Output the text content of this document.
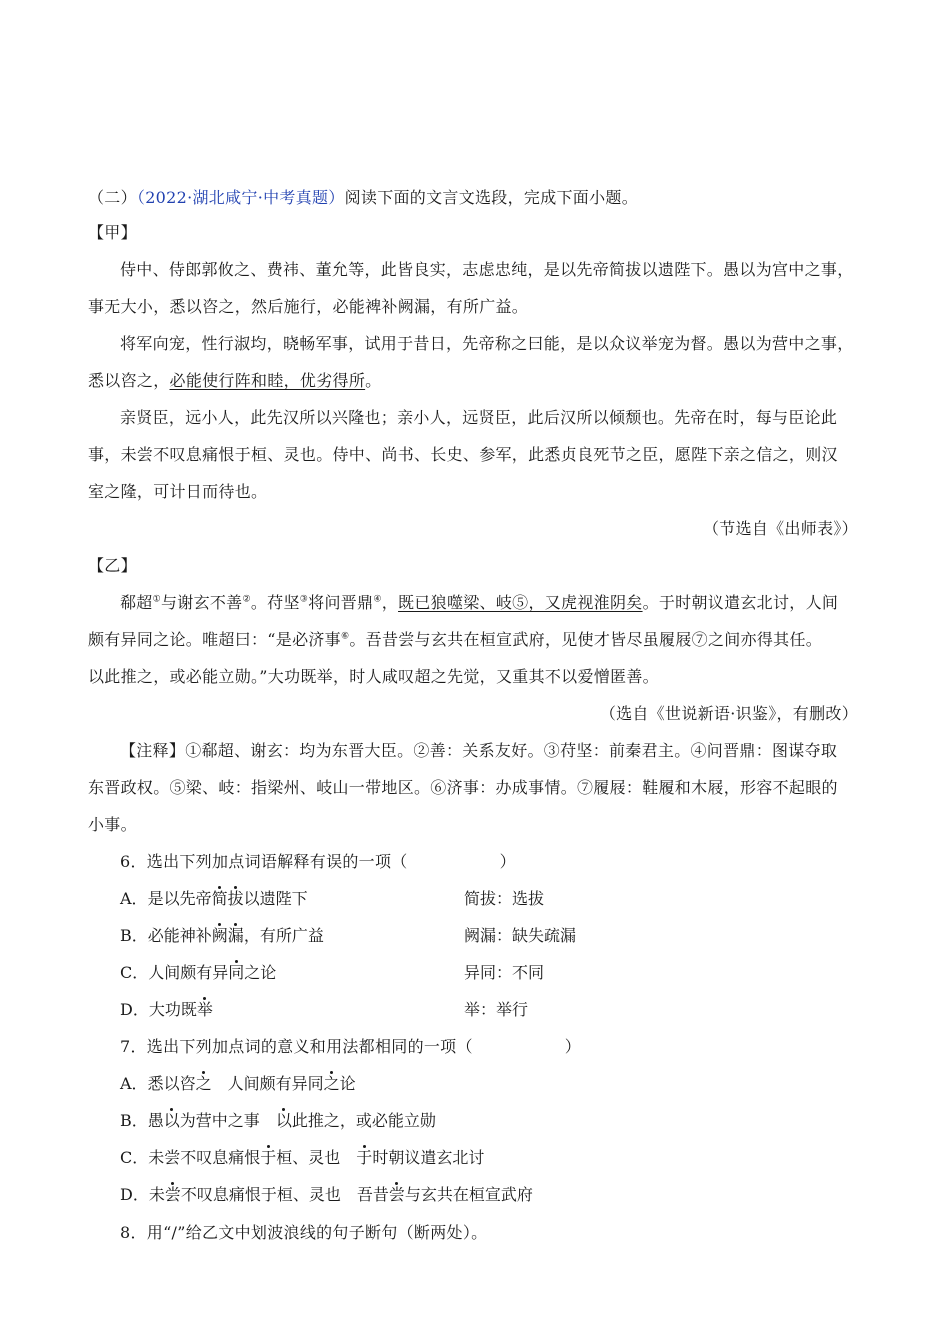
（二）（2022·湖北咸宁·中考真题）阅读下面的文言文选段，完成下面小题。
【甲】
侍中、侍郎郭攸之、费祎、董允等，此皆良实，志虑忠纯，是以先帝简拔以遗陛下。愚以为宫中之事，
事无大小，悉以咨之，然后施行，必能裨补阙漏，有所广益。
将军向宠，性行淑均，晓畅军事，试用于昔日，先帝称之曰能，是以众议举宠为督。愚以为营中之事，
悉以咨之，必能使行阵和睦，优劣得所。
亲贤臣，远小人，此先汉所以兴隆也；亲小人，远贤臣，此后汉所以倾颓也。先帝在时，每与臣论此
事，未尝不叹息痛恨于桓、灵也。侍中、尚书、长史、参军，此悉贞良死节之臣，愿陛下亲之信之，则汉
室之隆，可计日而待也。
（节选自《出师表》）
【乙】
郗超①与谢玄不善②。苻坚③将问晋鼎④，既已狼噬梁、岐⑤，又虎视淮阴矣。于时朝议遣玄北讨，人间
颇有异同之论。唯超曰：“是必济事⑥。吾昔尝与玄共在桓宣武府，见使才皆尽虽履屐⑦之间亦得其任。
以此推之，或必能立勋。”大功既举，时人咸叹超之先觉，又重其不以爱憎匿善。
（选自《世说新语·识鉴》，有删改）
【注释】①郗超、谢玄：均为东晋大臣。②善：关系友好。③苻坚：前秦君主。④问晋鼎：图谋夺取
东晋政权。⑤梁、岐：指梁州、岐山一带地区。⑥济事：办成事情。⑦履屐：鞋履和木屐，形容不起眼的
小事。
6．选出下列加点词语解释有误的一项（	）
A．是以先帝简拔以遗陛下	简拔：选拔
B．必能神补阙漏，有所广益	阙漏：缺失疏漏
C．人间颇有异同之论	异同：不同
D．大功既举	举：举行
7．选出下列加点词的意义和用法都相同的一项（	）
A．悉以咨之 人间颇有异同之论
B．愚以为营中之事 以此推之，或必能立勋
C．未尝不叹息痛恨于桓、灵也 于时朝议遣玄北讨
D．未尝不叹息痛恨于桓、灵也 吾昔尝与玄共在桓宣武府
8．用“/”给乙文中划波浪线的句子断句（断两处）。
